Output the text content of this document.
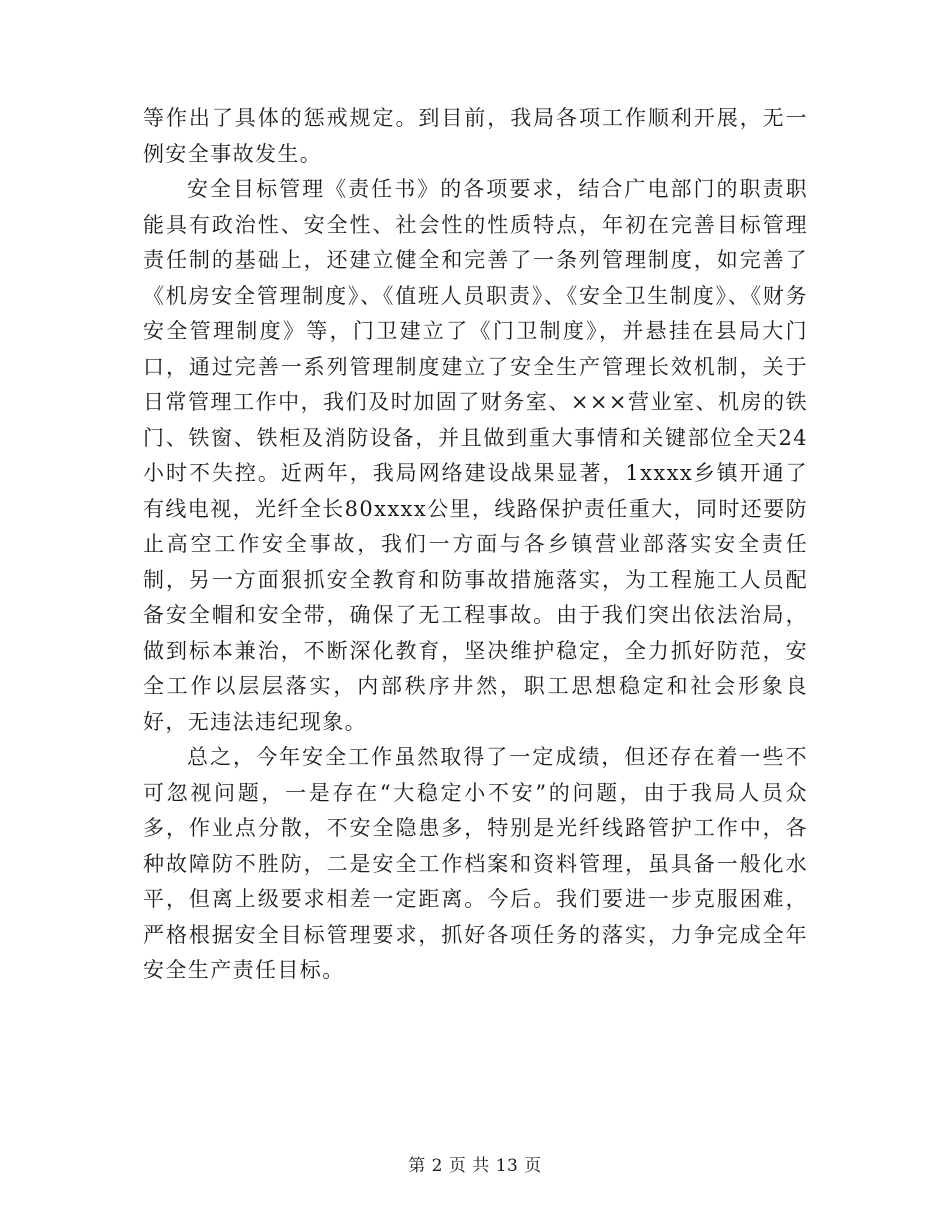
等作出了具体的惩戒规定。到目前，我局各项工作顺利开展，无一例安全事故发生。

安全目标管理《责任书》的各项要求，结合广电部门的职责职能具有政治性、安全性、社会性的性质特点，年初在完善目标管理责任制的基础上，还建立健全和完善了一条列管理制度，如完善了《机房安全管理制度》、《值班人员职责》、《安全卫生制度》、《财务安全管理制度》等，门卫建立了《门卫制度》，并悬挂在县局大门口，通过完善一系列管理制度建立了安全生产管理长效机制，关于日常管理工作中，我们及时加固了财务室、×××营业室、机房的铁门、铁窗、铁柜及消防设备，并且做到重大事情和关键部位全天24小时不失控。近两年，我局网络建设战果显著，1xxxx乡镇开通了有线电视，光纤全长80xxxx公里，线路保护责任重大，同时还要防止高空工作安全事故，我们一方面与各乡镇营业部落实安全责任制，另一方面狠抓安全教育和防事故措施落实，为工程施工人员配备安全帽和安全带，确保了无工程事故。由于我们突出依法治局，做到标本兼治，不断深化教育，坚决维护稳定，全力抓好防范，安全工作以层层落实，内部秩序井然，职工思想稳定和社会形象良好，无违法违纪现象。

总之，今年安全工作虽然取得了一定成绩，但还存在着一些不可忽视问题，一是存在“大稳定小不安”的问题，由于我局人员众多，作业点分散，不安全隐患多，特别是光纤线路管护工作中，各种故障防不胜防，二是安全工作档案和资料管理，虽具备一般化水平，但离上级要求相差一定距离。今后。我们要进一步克服困难，严格根据安全目标管理要求，抓好各项任务的落实，力争完成全年安全生产责任目标。

第 2 页 共 13 页
